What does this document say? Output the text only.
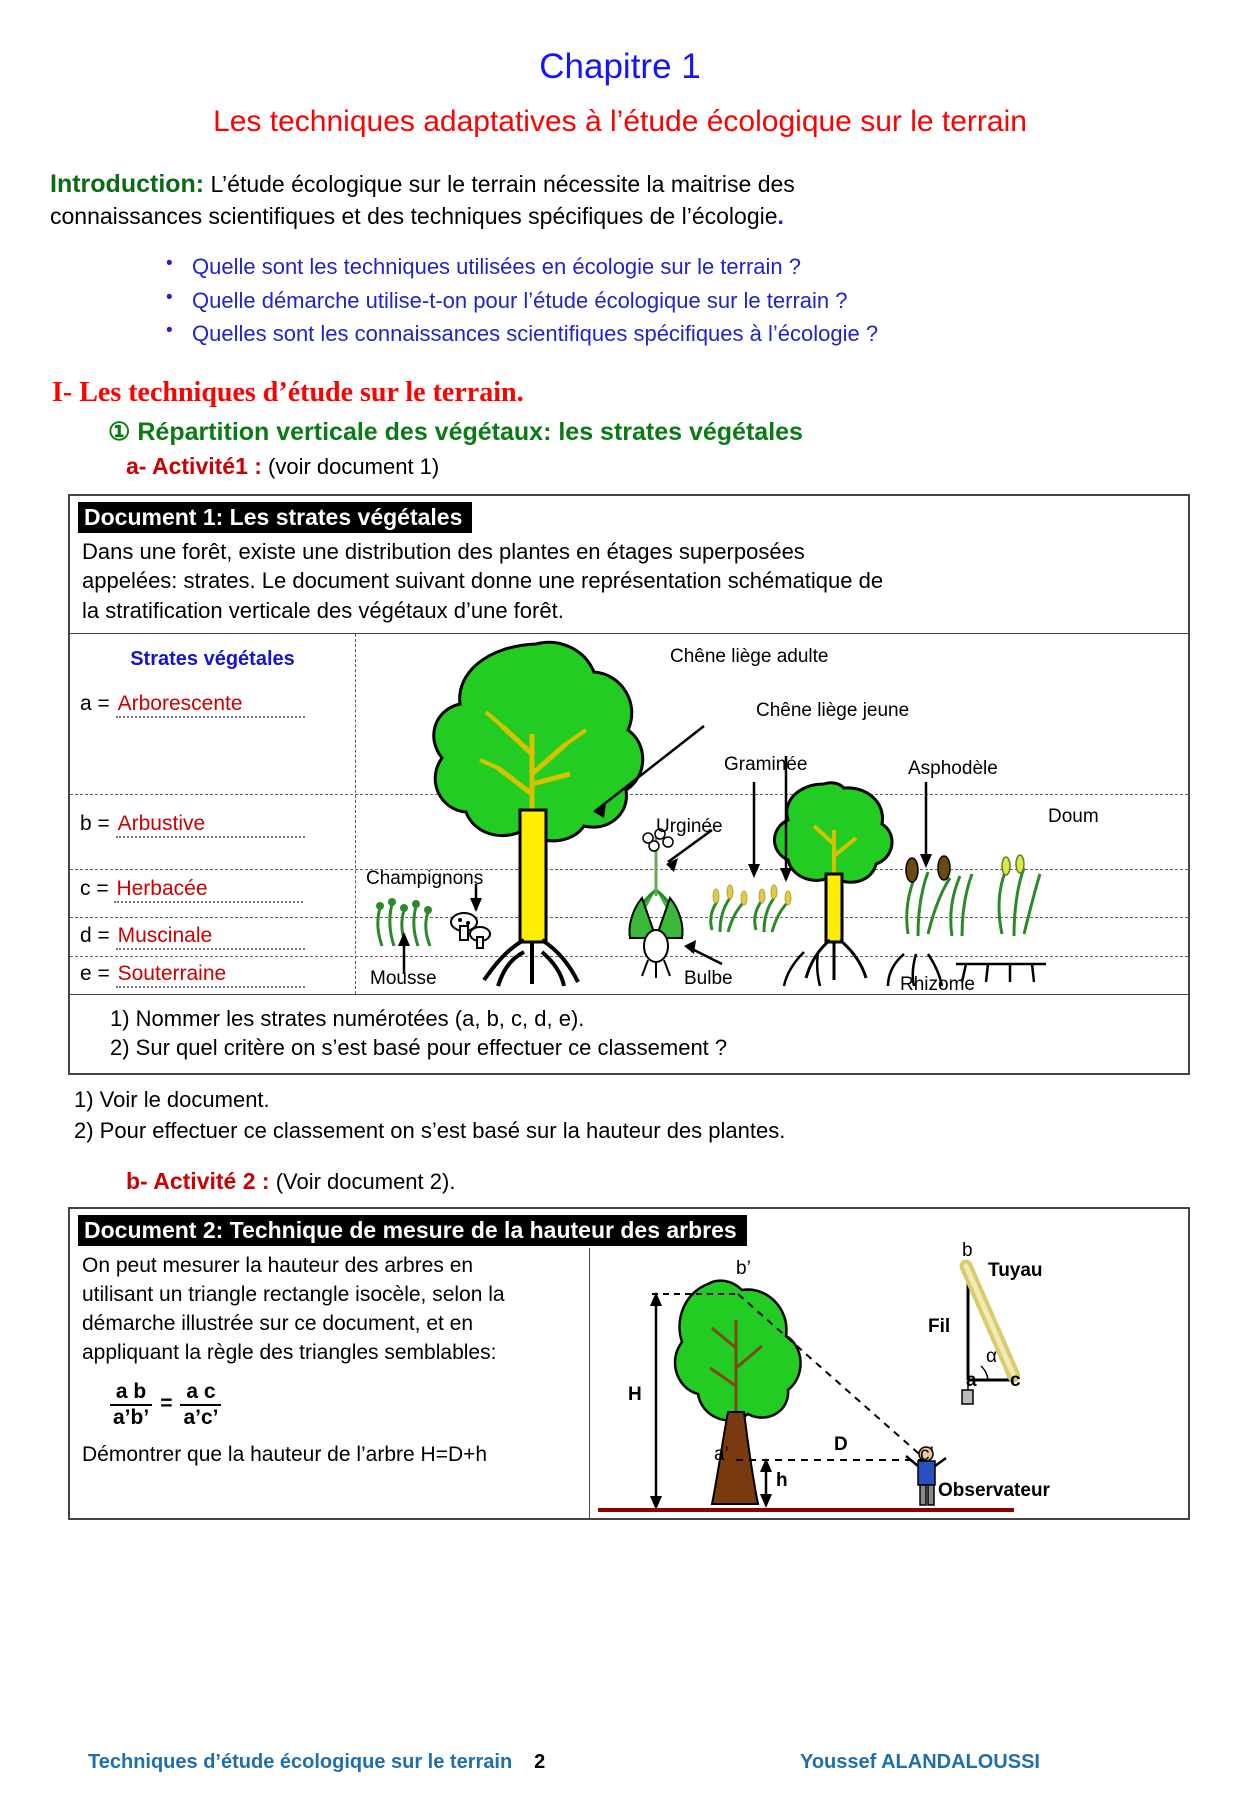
Chapitre 1
Les techniques adaptatives à l’étude écologique sur le terrain
Introduction: L’étude écologique sur le terrain nécessite la maitrise des
connaissances scientifiques et des techniques spécifiques de l’écologie.
• Quelle sont les techniques utilisées en écologie sur le terrain ?
• Quelle démarche utilise-t-on pour l’étude écologique sur le terrain ?
• Quelles sont les connaissances scientifiques spécifiques à l’écologie ?
I- Les techniques d’étude sur le terrain.
① Répartition verticale des végétaux: les strates végétales
a- Activité1 : (voir document 1)
Document 1: Les strates végétales
Dans une forêt, existe une distribution des plantes en étages superposées
appelées: strates. Le document suivant donne une représentation schématique de
la stratification verticale des végétaux d’une forêt.
Strates végétales
a = Arborescente
b = Arbustive
c = Herbacée
d = Muscinale
e = Souterraine
Chêne liège adulte
Chêne liège jeune
Graminée	Asphodèle
Doum
Urginée
Champignons
Mousse	Bulbe	Rhizome
1) Nommer les strates numérotées (a, b, c, d, e).
2) Sur quel critère on s’est basé pour effectuer ce classement ?
1) Voir le document.
2) Pour effectuer ce classement on s’est basé sur la hauteur des plantes.
b- Activité 2 : (Voir document 2).
Document 2: Technique de mesure de la hauteur des arbres
On peut mesurer la hauteur des arbres en
utilisant un triangle rectangle isocèle, selon la
démarche illustrée sur ce document, et en
appliquant la règle des triangles semblables:
$\frac{\text{a b}}{a’b’} = \frac{\text{a c}}{a’c’}$
Démontrer que la hauteur de l’arbre H=D+h
b’
a’	c’
H
D
h
b
Tuyau
Fil
α
a c
Observateur
Techniques d’étude écologique sur le terrain 2	Youssef ALANDALOUSSI
